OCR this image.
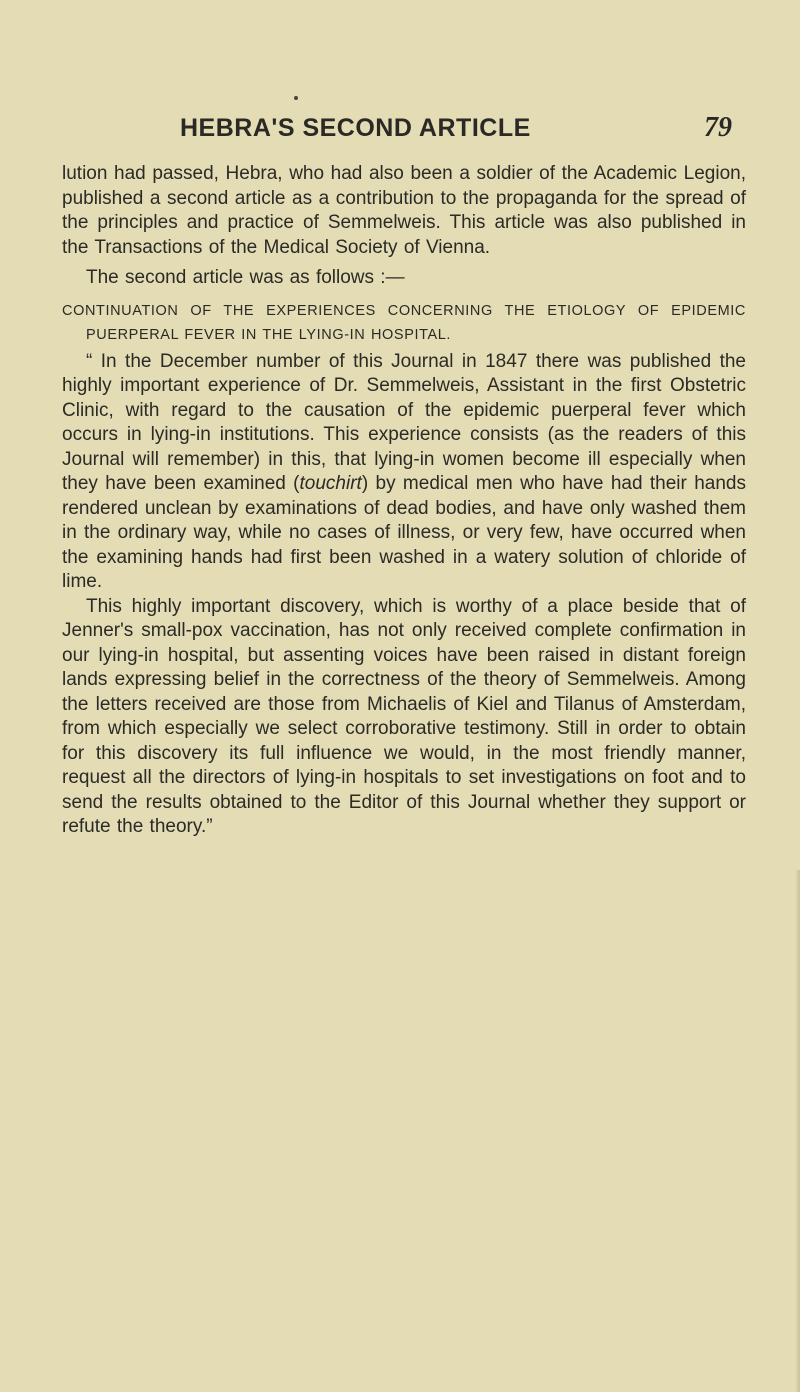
HEBRA'S SECOND ARTICLE	79

lution had passed, Hebra, who had also been a soldier of the Academic Legion, published a second article as a contribution to the propaganda for the spread of the principles and practice of Semmelweis. This article was also published in the Transactions of the Medical Society of Vienna.

The second article was as follows :—

CONTINUATION OF THE EXPERIENCES CONCERNING THE ETIOLOGY OF EPIDEMIC PUERPERAL FEVER IN THE LYING-IN HOSPITAL.

“ In the December number of this Journal in 1847 there was published the highly important experience of Dr. Semmelweis, Assistant in the first Obstetric Clinic, with regard to the causation of the epidemic puerperal fever which occurs in lying-in institutions. This experience consists (as the readers of this Journal will remember) in this, that lying-in women become ill especially when they have been examined (touchirt) by medical men who have had their hands rendered unclean by examinations of dead bodies, and have only washed them in the ordinary way, while no cases of illness, or very few, have occurred when the examining hands had first been washed in a watery solution of chloride of lime.

This highly important discovery, which is worthy of a place beside that of Jenner's small-pox vaccination, has not only received complete confirmation in our lying-in hospital, but assenting voices have been raised in distant foreign lands expressing belief in the correctness of the theory of Semmelweis. Among the letters received are those from Michaelis of Kiel and Tilanus of Amsterdam, from which especially we select corroborative testimony. Still in order to obtain for this discovery its full influence we would, in the most friendly manner, request all the directors of lying-in hospitals to set investigations on foot and to send the results obtained to the Editor of this Journal whether they support or refute the theory.”
